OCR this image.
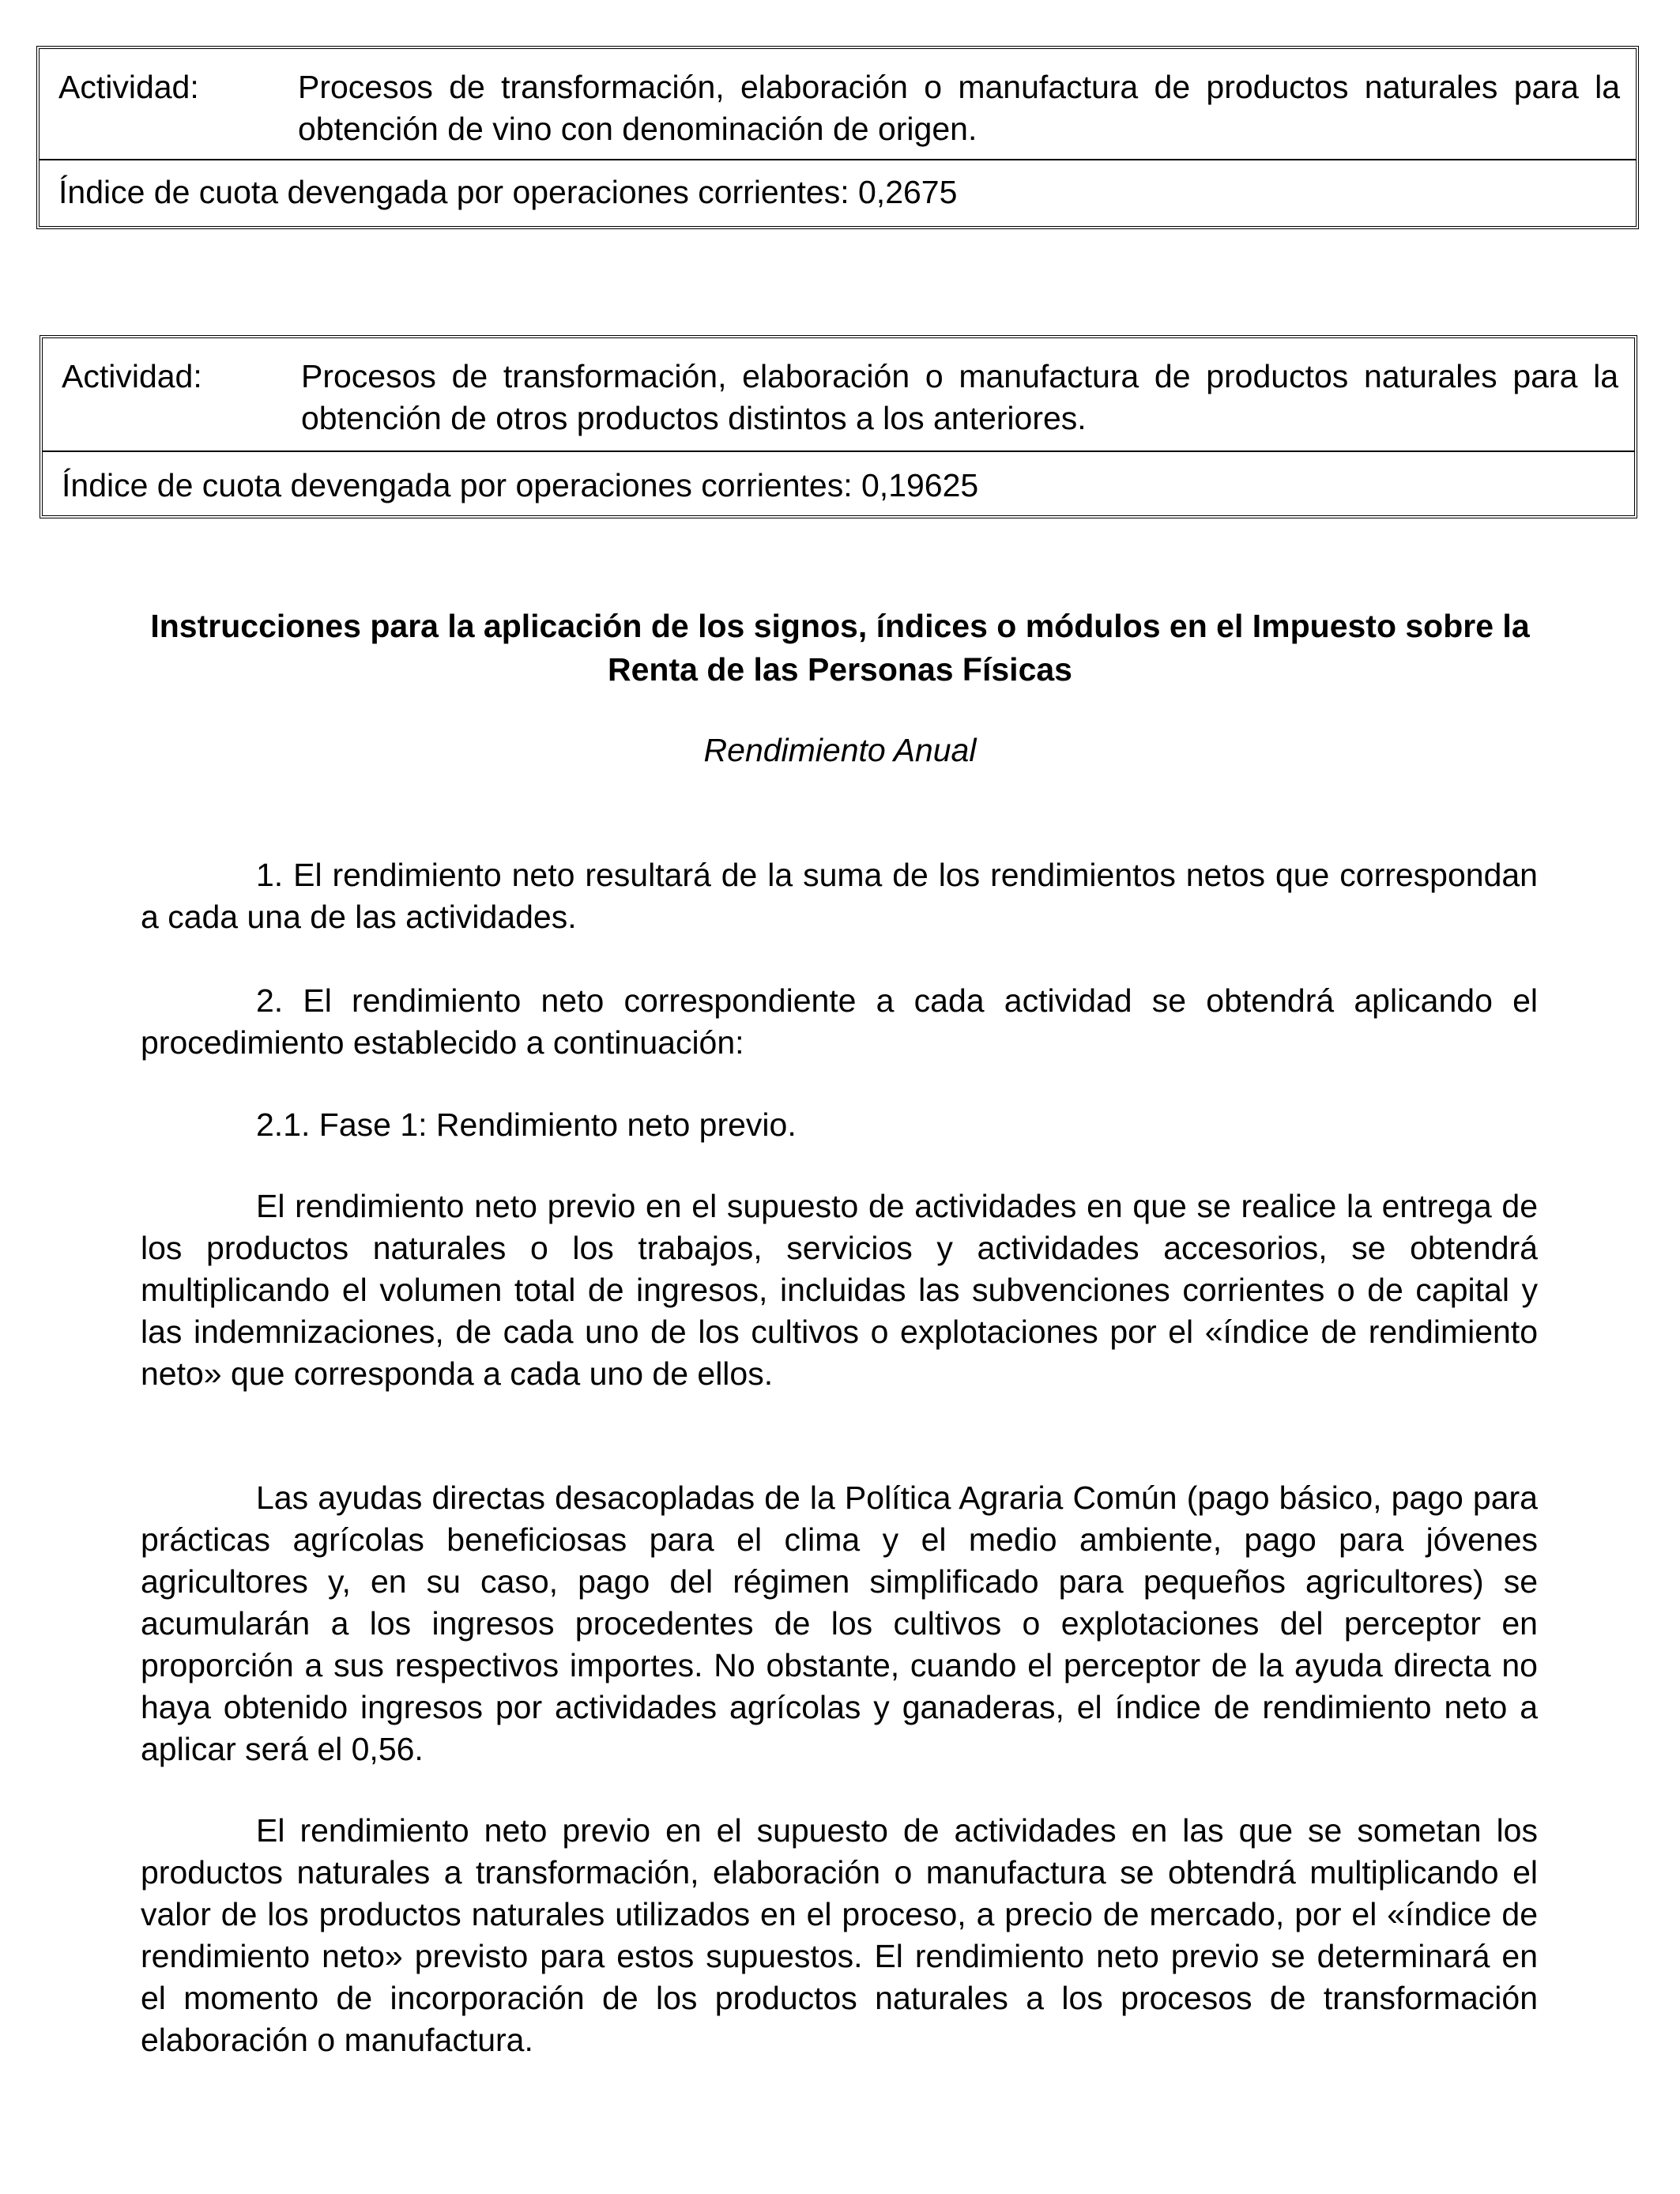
Actividad:	Procesos de transformación, elaboración o manufactura de productos naturales para la obtención de vino con denominación de origen.
Índice de cuota devengada por operaciones corrientes: 0,2675
Actividad:	Procesos de transformación, elaboración o manufactura de productos naturales para la obtención de otros productos distintos a los anteriores.
Índice de cuota devengada por operaciones corrientes: 0,19625
Instrucciones para la aplicación de los signos, índices o módulos en el Impuesto sobre la Renta de las Personas Físicas
Rendimiento Anual

1. El rendimiento neto resultará de la suma de los rendimientos netos que correspondan a cada una de las actividades.

2. El rendimiento neto correspondiente a cada actividad se obtendrá aplicando el procedimiento establecido a continuación:

2.1. Fase 1: Rendimiento neto previo.

El rendimiento neto previo en el supuesto de actividades en que se realice la entrega de los productos naturales o los trabajos, servicios y actividades accesorios, se obtendrá multiplicando el volumen total de ingresos, incluidas las subvenciones corrientes o de capital y las indemnizaciones, de cada uno de los cultivos o explotaciones por el «índice de rendimiento neto» que corresponda a cada uno de ellos.

Las ayudas directas desacopladas de la Política Agraria Común (pago básico, pago para prácticas agrícolas beneficiosas para el clima y el medio ambiente, pago para jóvenes agricultores y, en su caso, pago del régimen simplificado para pequeños agricultores) se acumularán a los ingresos procedentes de los cultivos o explotaciones del perceptor en proporción a sus respectivos importes. No obstante, cuando el perceptor de la ayuda directa no haya obtenido ingresos por actividades agrícolas y ganaderas, el índice de rendimiento neto a aplicar será el 0,56.

El rendimiento neto previo en el supuesto de actividades en las que se sometan los productos naturales a transformación, elaboración o manufactura se obtendrá multiplicando el valor de los productos naturales utilizados en el proceso, a precio de mercado, por el «índice de rendimiento neto» previsto para estos supuestos. El rendimiento neto previo se determinará en el momento de incorporación de los productos naturales a los procesos de transformación elaboración o manufactura.
